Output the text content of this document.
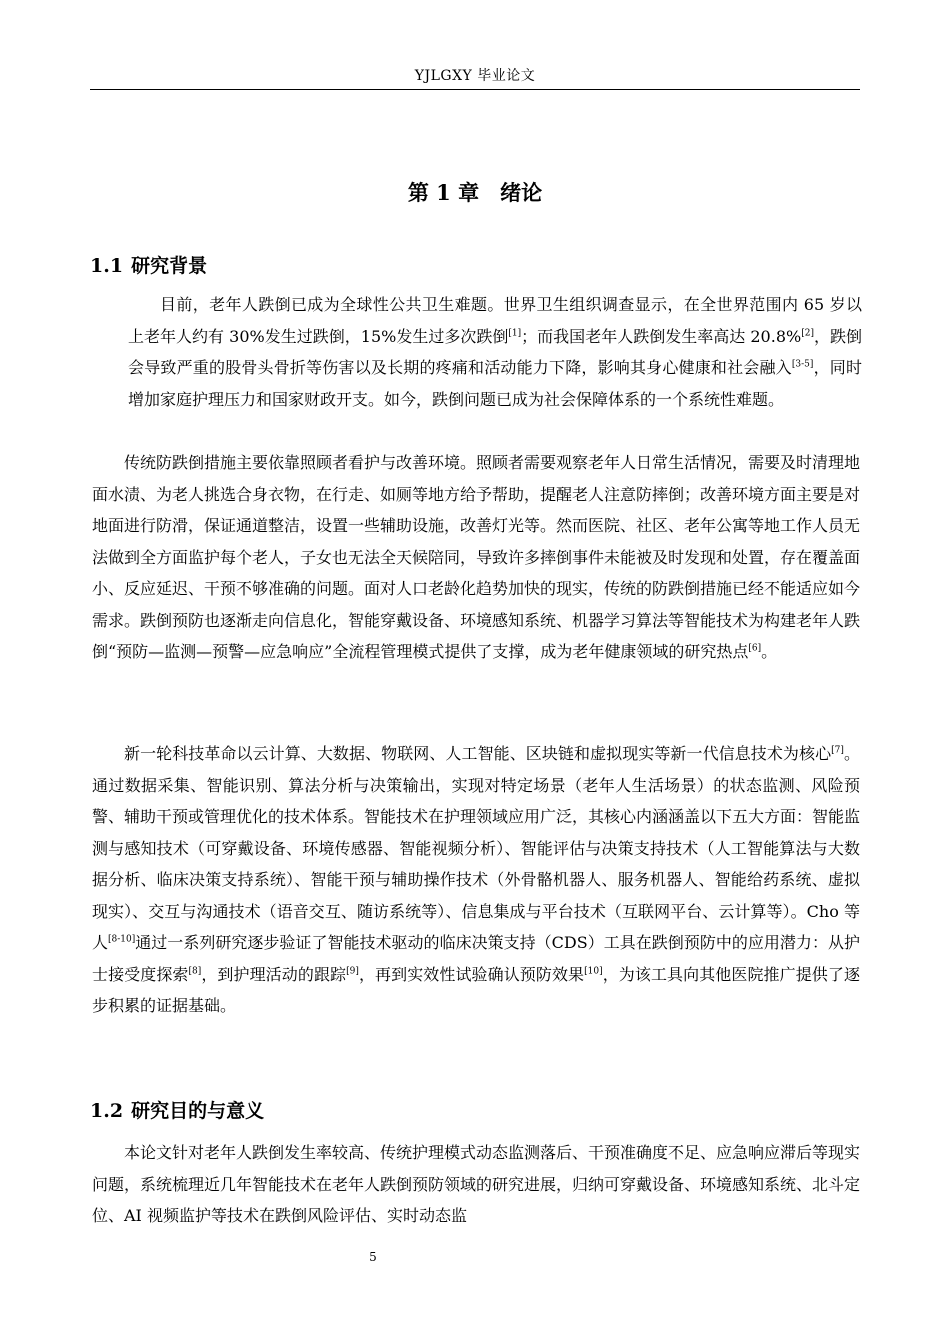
YJLGXY 毕业论文
第 1 章　绪论
1.1 研究背景

目前，老年人跌倒已成为全球性公共卫生难题。世界卫生组织调查显示，在全世界范围内 65 岁以上老年人约有 30%发生过跌倒，15%发生过多次跌倒[1]；而我国老年人跌倒发生率高达 20.8%[2]，跌倒会导致严重的股骨头骨折等伤害以及长期的疼痛和活动能力下降，影响其身心健康和社会融入[3-5]，同时增加家庭护理压力和国家财政开支。如今，跌倒问题已成为社会保障体系的一个系统性难题。

传统防跌倒措施主要依靠照顾者看护与改善环境。照顾者需要观察老年人日常生活情况，需要及时清理地面水渍、为老人挑选合身衣物，在行走、如厕等地方给予帮助，提醒老人注意防摔倒；改善环境方面主要是对地面进行防滑，保证通道整洁，设置一些辅助设施，改善灯光等。然而医院、社区、老年公寓等地工作人员无法做到全方面监护每个老人，子女也无法全天候陪同，导致许多摔倒事件未能被及时发现和处置，存在覆盖面小、反应延迟、干预不够准确的问题。面对人口老龄化趋势加快的现实，传统的防跌倒措施已经不能适应如今需求。跌倒预防也逐渐走向信息化，智能穿戴设备、环境感知系统、机器学习算法等智能技术为构建老年人跌倒“预防—监测—预警—应急响应”全流程管理模式提供了支撑，成为老年健康领域的研究热点[6]。

新一轮科技革命以云计算、大数据、物联网、人工智能、区块链和虚拟现实等新一代信息技术为核心[7]。通过数据采集、智能识别、算法分析与决策输出，实现对特定场景（老年人生活场景）的状态监测、风险预警、辅助干预或管理优化的技术体系。智能技术在护理领域应用广泛，其核心内涵涵盖以下五大方面：智能监测与感知技术（可穿戴设备、环境传感器、智能视频分析）、智能评估与决策支持技术（人工智能算法与大数据分析、临床决策支持系统）、智能干预与辅助操作技术（外骨骼机器人、服务机器人、智能给药系统、虚拟现实）、交互与沟通技术（语音交互、随访系统等）、信息集成与平台技术（互联网平台、云计算等）。Cho 等人[8-10]通过一系列研究逐步验证了智能技术驱动的临床决策支持（CDS）工具在跌倒预防中的应用潜力：从护士接受度探索[8]，到护理活动的跟踪[9]，再到实效性试验确认预防效果[10]，为该工具向其他医院推广提供了逐步积累的证据基础。

1.2 研究目的与意义

本论文针对老年人跌倒发生率较高、传统护理模式动态监测落后、干预准确度不足、应急响应滞后等现实问题，系统梳理近几年智能技术在老年人跌倒预防领域的研究进展，归纳可穿戴设备、环境感知系统、北斗定位、AI 视频监护等技术在跌倒风险评估、实时动态监

5
